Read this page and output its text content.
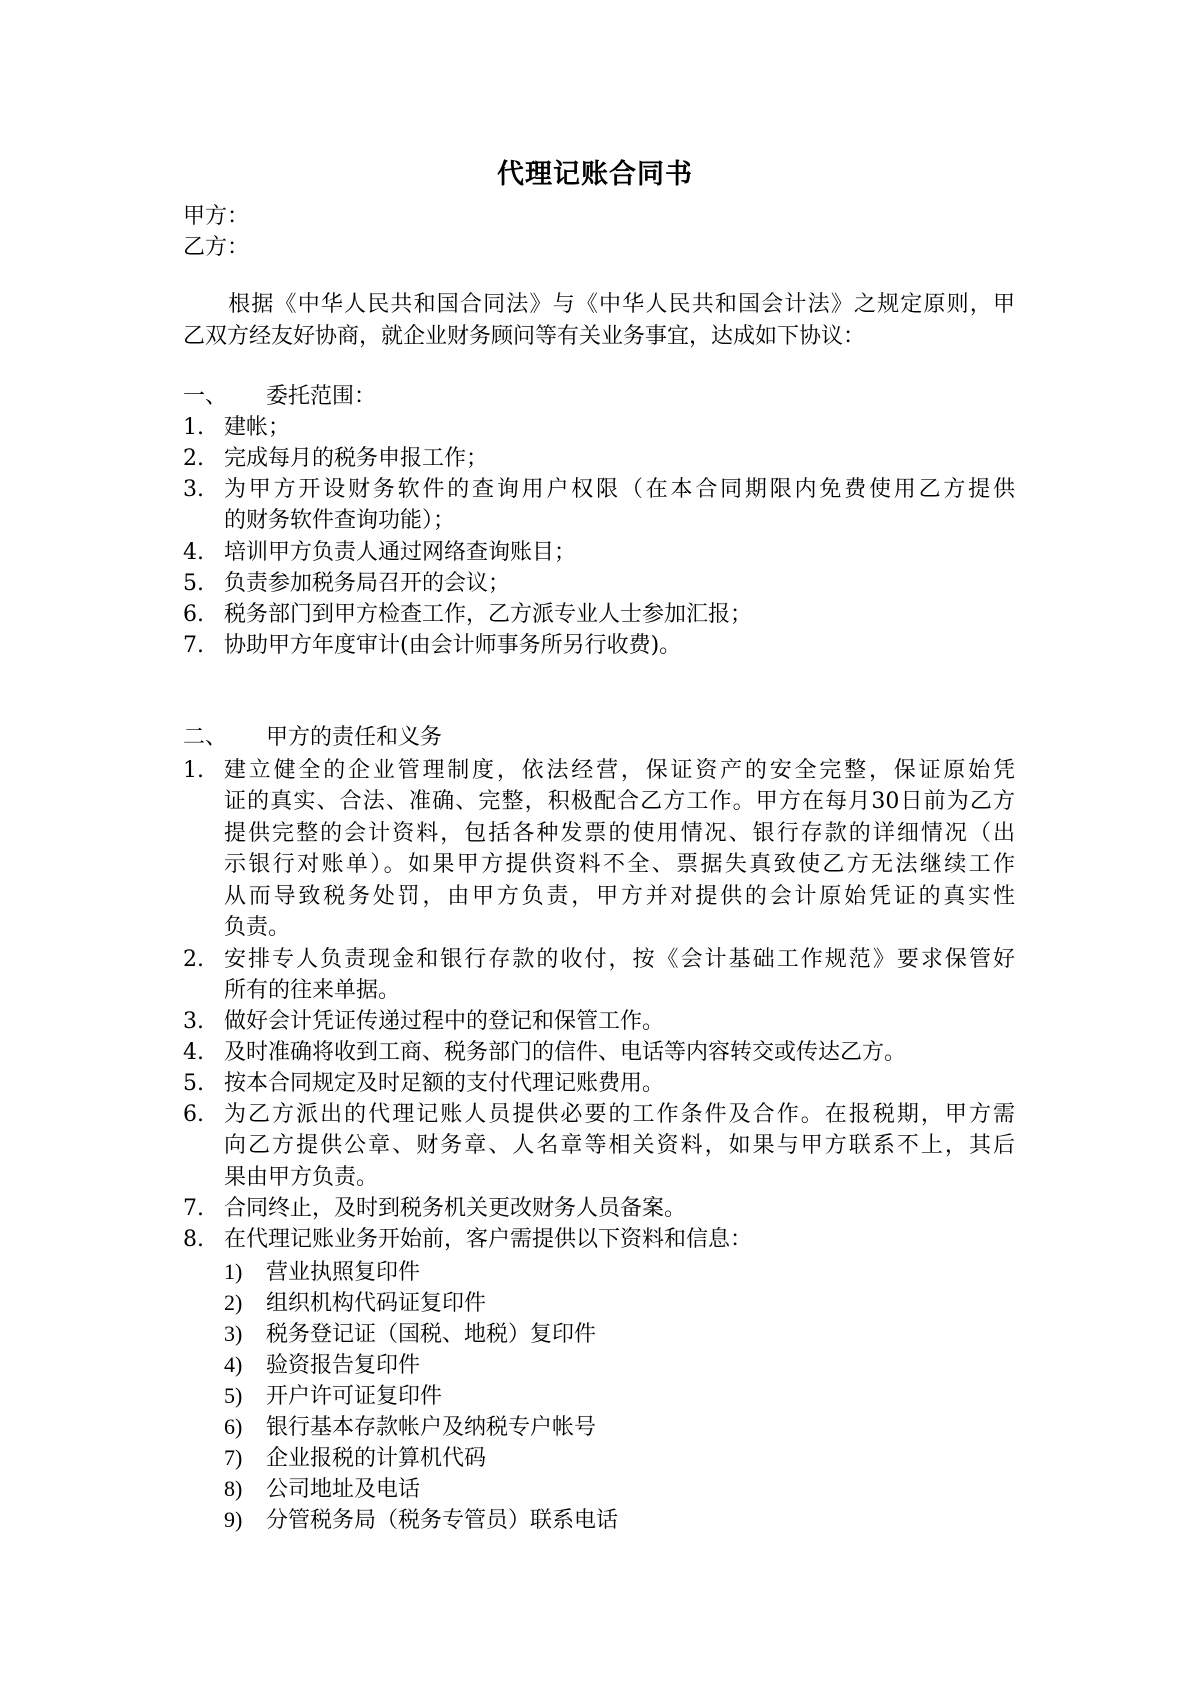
代理记账合同书
甲方：
乙方：
根据《中华人民共和国合同法》与《中华人民共和国会计法》之规定原则，甲
乙双方经友好协商，就企业财务顾问等有关业务事宜，达成如下协议：
一、 委托范围：
1. 建帐；
2. 完成每月的税务申报工作；
3. 为甲方开设财务软件的查询用户权限（在本合同期限内免费使用乙方提供
的财务软件查询功能）；
4. 培训甲方负责人通过网络查询账目；
5. 负责参加税务局召开的会议；
6. 税务部门到甲方检查工作，乙方派专业人士参加汇报；
7. 协助甲方年度审计(由会计师事务所另行收费)。
二、 甲方的责任和义务
1. 建立健全的企业管理制度，依法经营，保证资产的安全完整，保证原始凭
证的真实、合法、准确、完整，积极配合乙方工作。甲方在每月30日前为乙方
提供完整的会计资料，包括各种发票的使用情况、银行存款的详细情况（出
示银行对账单）。如果甲方提供资料不全、票据失真致使乙方无法继续工作
从而导致税务处罚，由甲方负责，甲方并对提供的会计原始凭证的真实性
负责。
2. 安排专人负责现金和银行存款的收付，按《会计基础工作规范》要求保管好
所有的往来单据。
3. 做好会计凭证传递过程中的登记和保管工作。
4. 及时准确将收到工商、税务部门的信件、电话等内容转交或传达乙方。
5. 按本合同规定及时足额的支付代理记账费用。
6. 为乙方派出的代理记账人员提供必要的工作条件及合作。在报税期，甲方需
向乙方提供公章、财务章、人名章等相关资料，如果与甲方联系不上，其后
果由甲方负责。
7. 合同终止，及时到税务机关更改财务人员备案。
8. 在代理记账业务开始前，客户需提供以下资料和信息：
1) 营业执照复印件
2) 组织机构代码证复印件
3) 税务登记证（国税、地税）复印件
4) 验资报告复印件
5) 开户许可证复印件
6) 银行基本存款帐户及纳税专户帐号
7) 企业报税的计算机代码
8) 公司地址及电话
9) 分管税务局（税务专管员）联系电话
